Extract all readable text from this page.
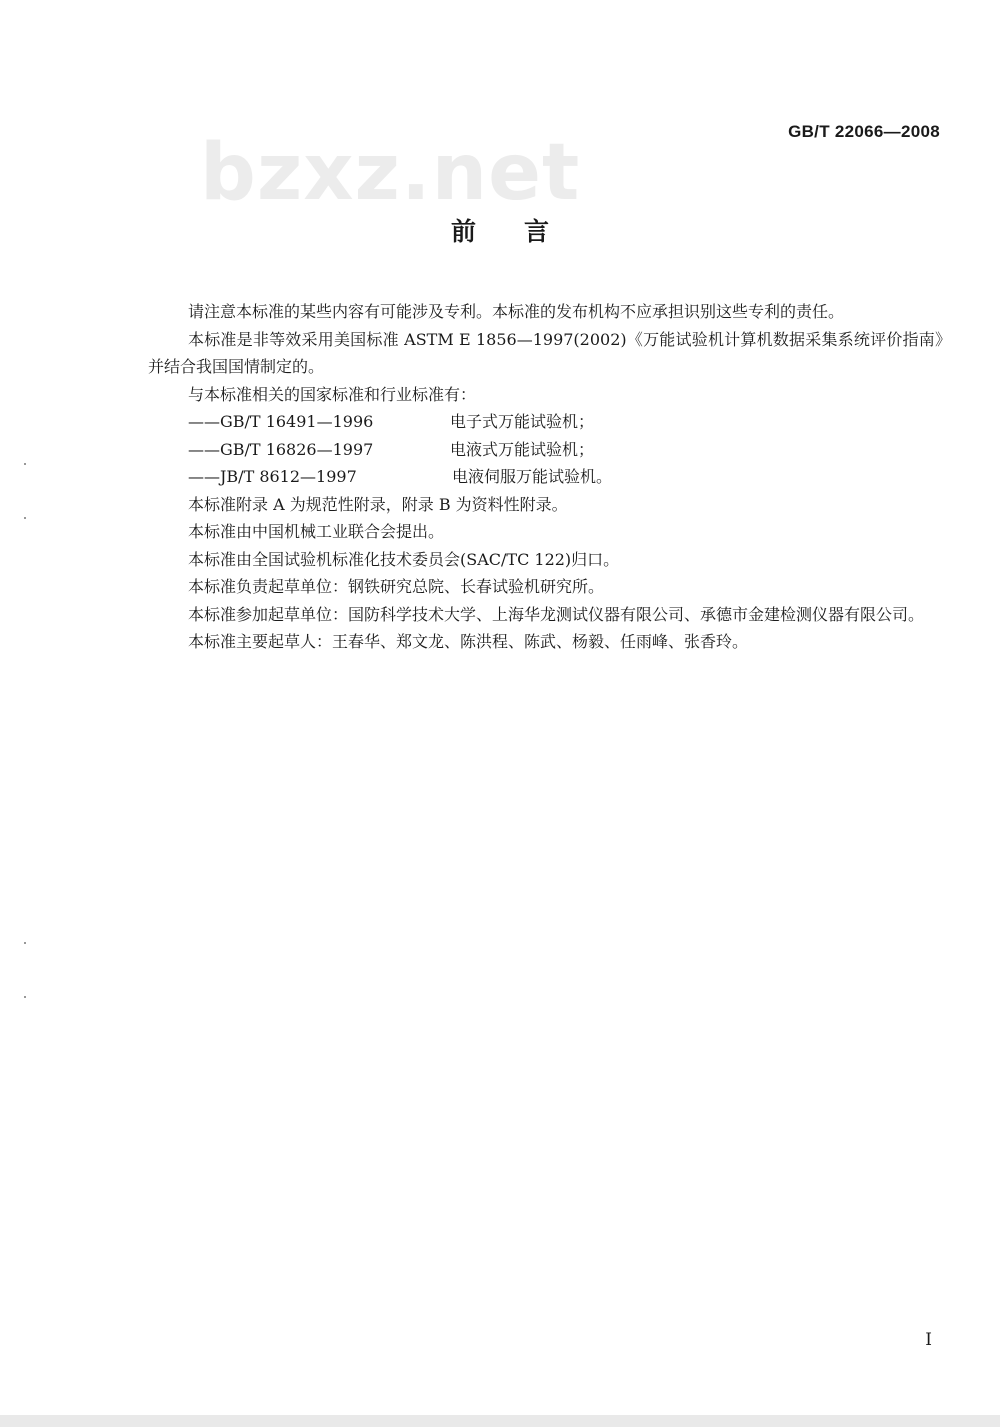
bzxz.net	GB/T 22066—2008
前言

请注意本标准的某些内容有可能涉及专利。本标准的发布机构不应承担识别这些专利的责任。

本标准是非等效采用美国标准 ASTM E 1856—1997(2002)《万能试验机计算机数据采集系统评价指南》并结合我国国情制定的。

与本标准相关的国家标准和行业标准有：

——GB/T 16491—1996	电子式万能试验机；

——GB/T 16826—1997	电液式万能试验机；

——JB/T 8612—1997	电液伺服万能试验机。

本标准附录 A 为规范性附录，附录 B 为资料性附录。

本标准由中国机械工业联合会提出。

本标准由全国试验机标准化技术委员会(SAC/TC 122)归口。

本标准负责起草单位：钢铁研究总院、长春试验机研究所。

本标准参加起草单位：国防科学技术大学、上海华龙测试仪器有限公司、承德市金建检测仪器有限公司。

本标准主要起草人：王春华、郑文龙、陈洪程、陈武、杨毅、任雨峰、张香玲。

I
